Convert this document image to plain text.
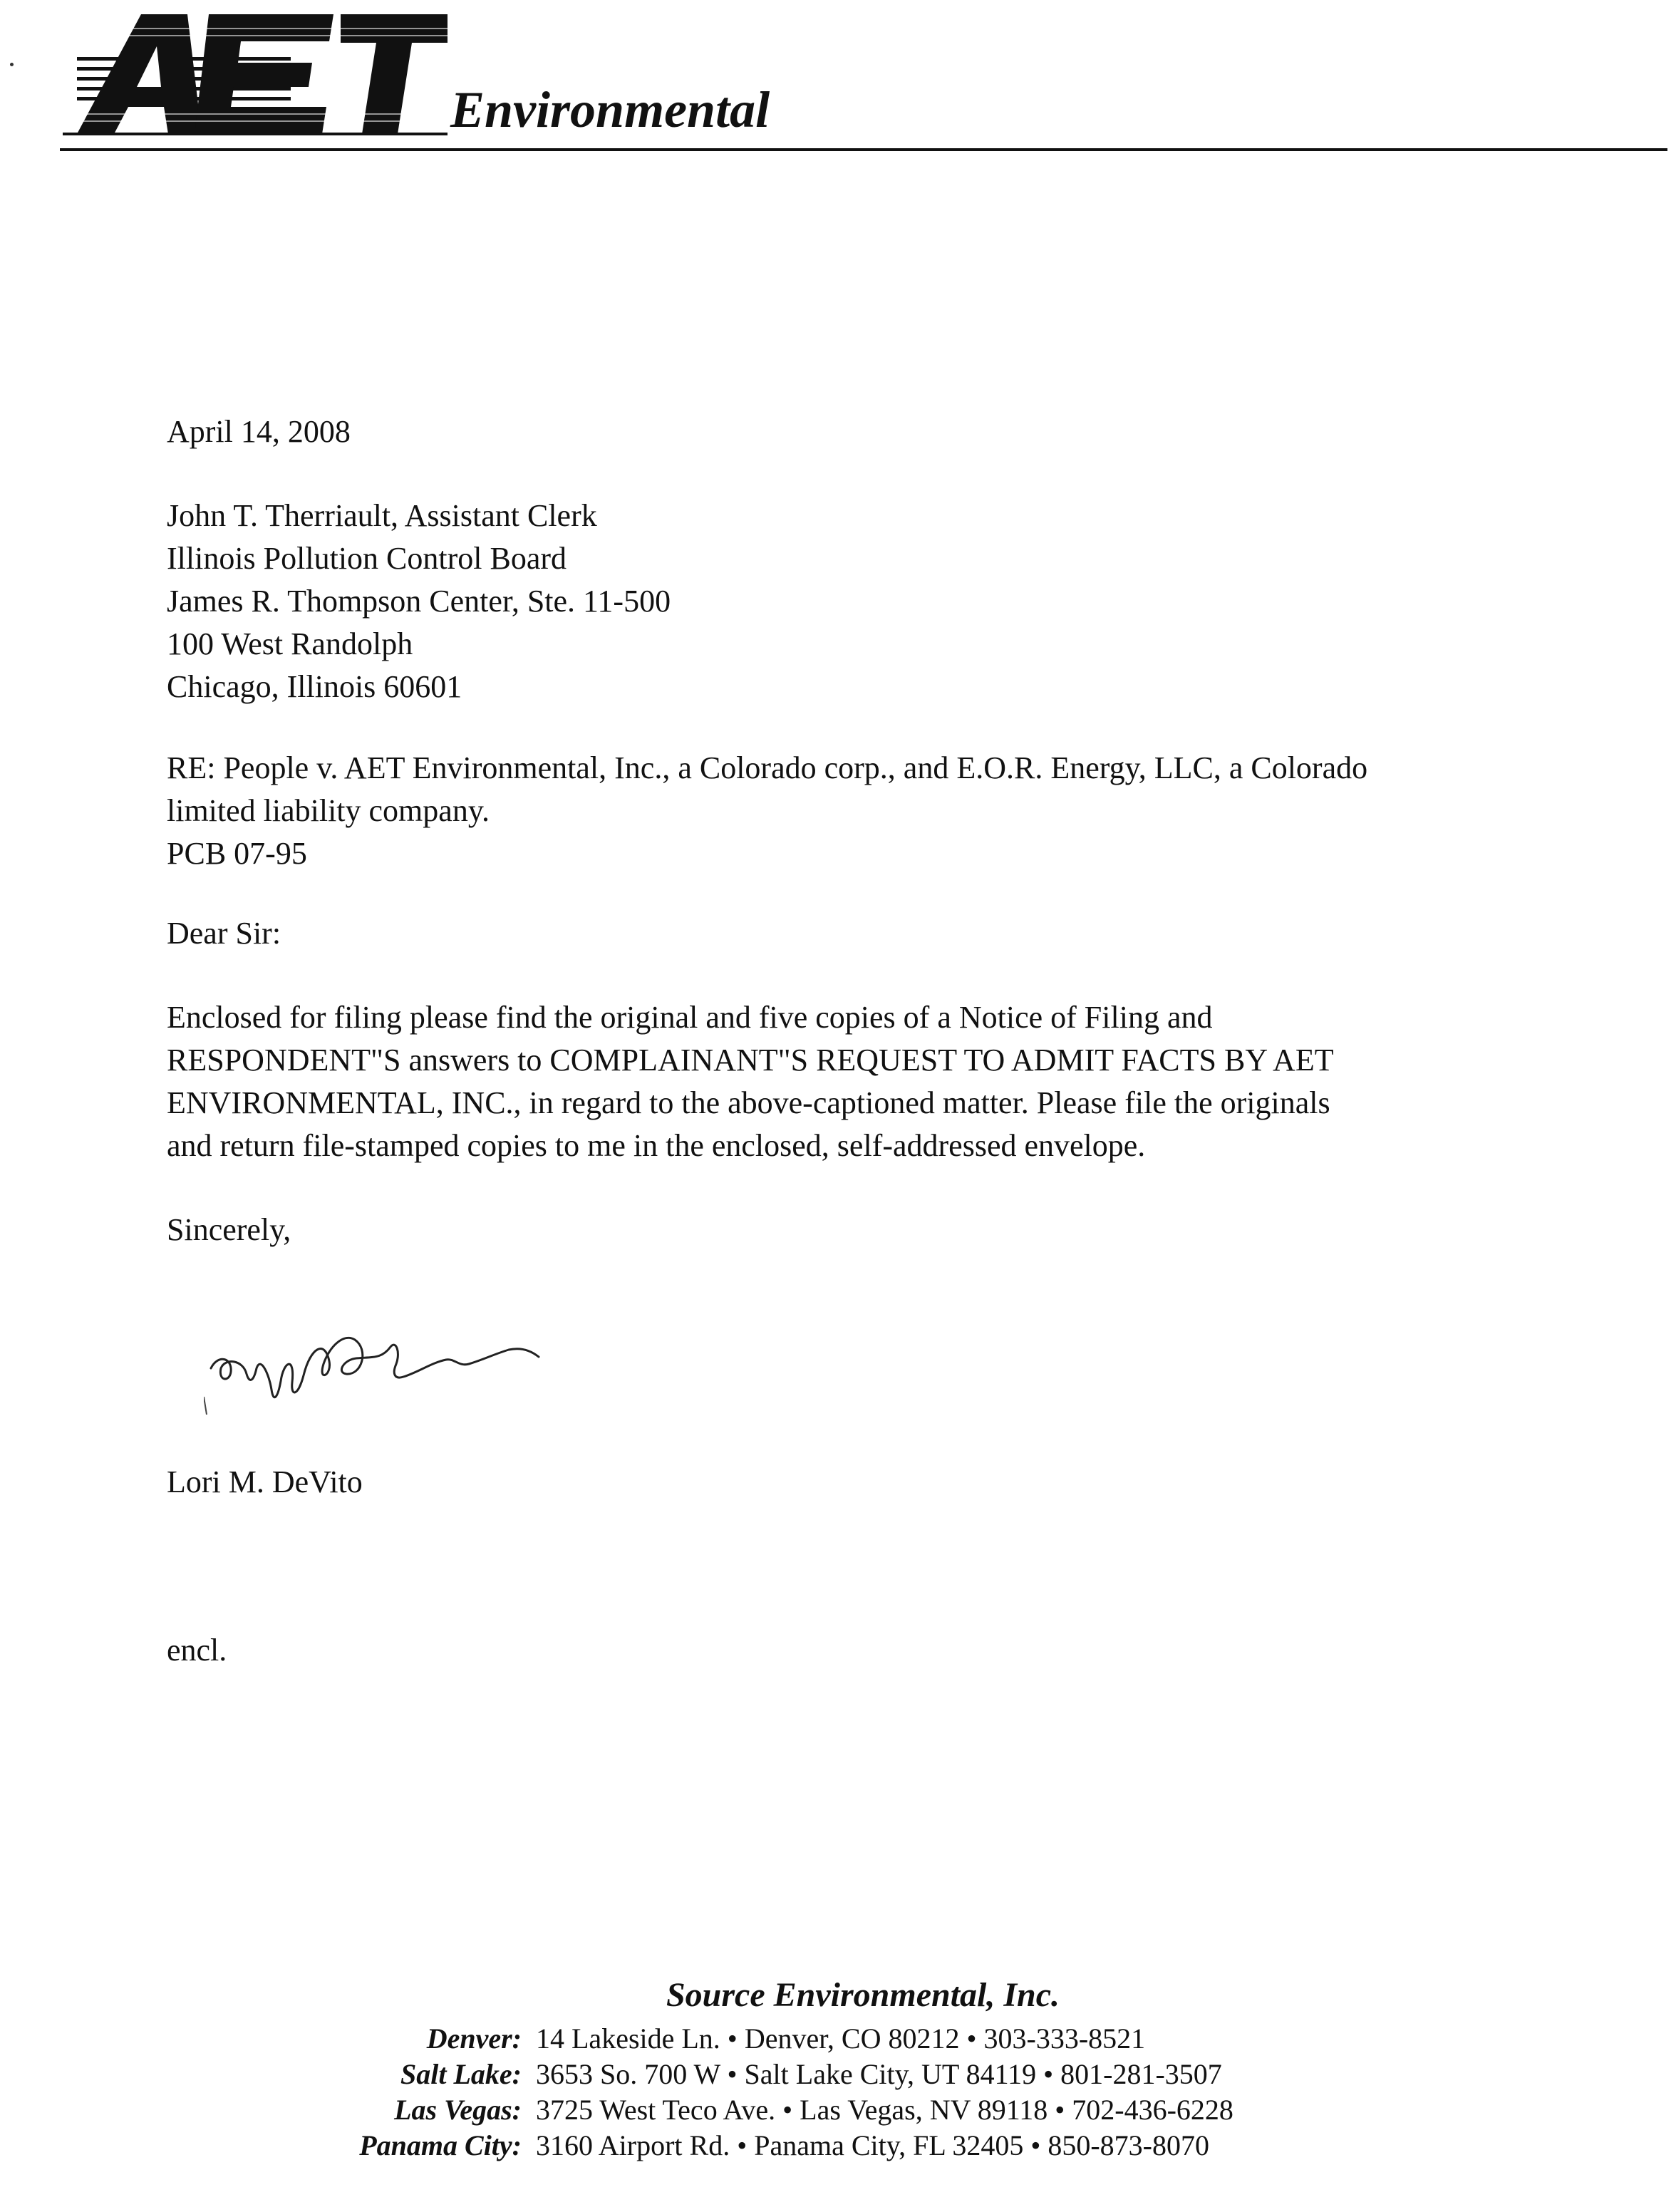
Environmental
April 14, 2008
John T. Therriault, Assistant Clerk
Illinois Pollution Control Board
James R. Thompson Center, Ste. 11-500
100 West Randolph
Chicago, Illinois 60601
RE: People v. AET Environmental, Inc., a Colorado corp., and E.O.R. Energy, LLC, a Colorado
limited liability company.
PCB 07-95
Dear Sir:
Enclosed for filing please find the original and five copies of a Notice of Filing and
RESPONDENT"S answers to COMPLAINANT"S REQUEST TO ADMIT FACTS BY AET
ENVIRONMENTAL, INC., in regard to the above-captioned matter. Please file the originals
and return file-stamped copies to me in the enclosed, self-addressed envelope.
Sincerely,
Lori M. DeVito
encl.
Source Environmental, Inc.
Denver: 14 Lakeside Ln. • Denver, CO 80212 • 303-333-8521
Salt Lake: 3653 So. 700 W • Salt Lake City, UT 84119 • 801-281-3507
Las Vegas: 3725 West Teco Ave. • Las Vegas, NV 89118 • 702-436-6228
Panama City: 3160 Airport Rd. • Panama City, FL 32405 • 850-873-8070
